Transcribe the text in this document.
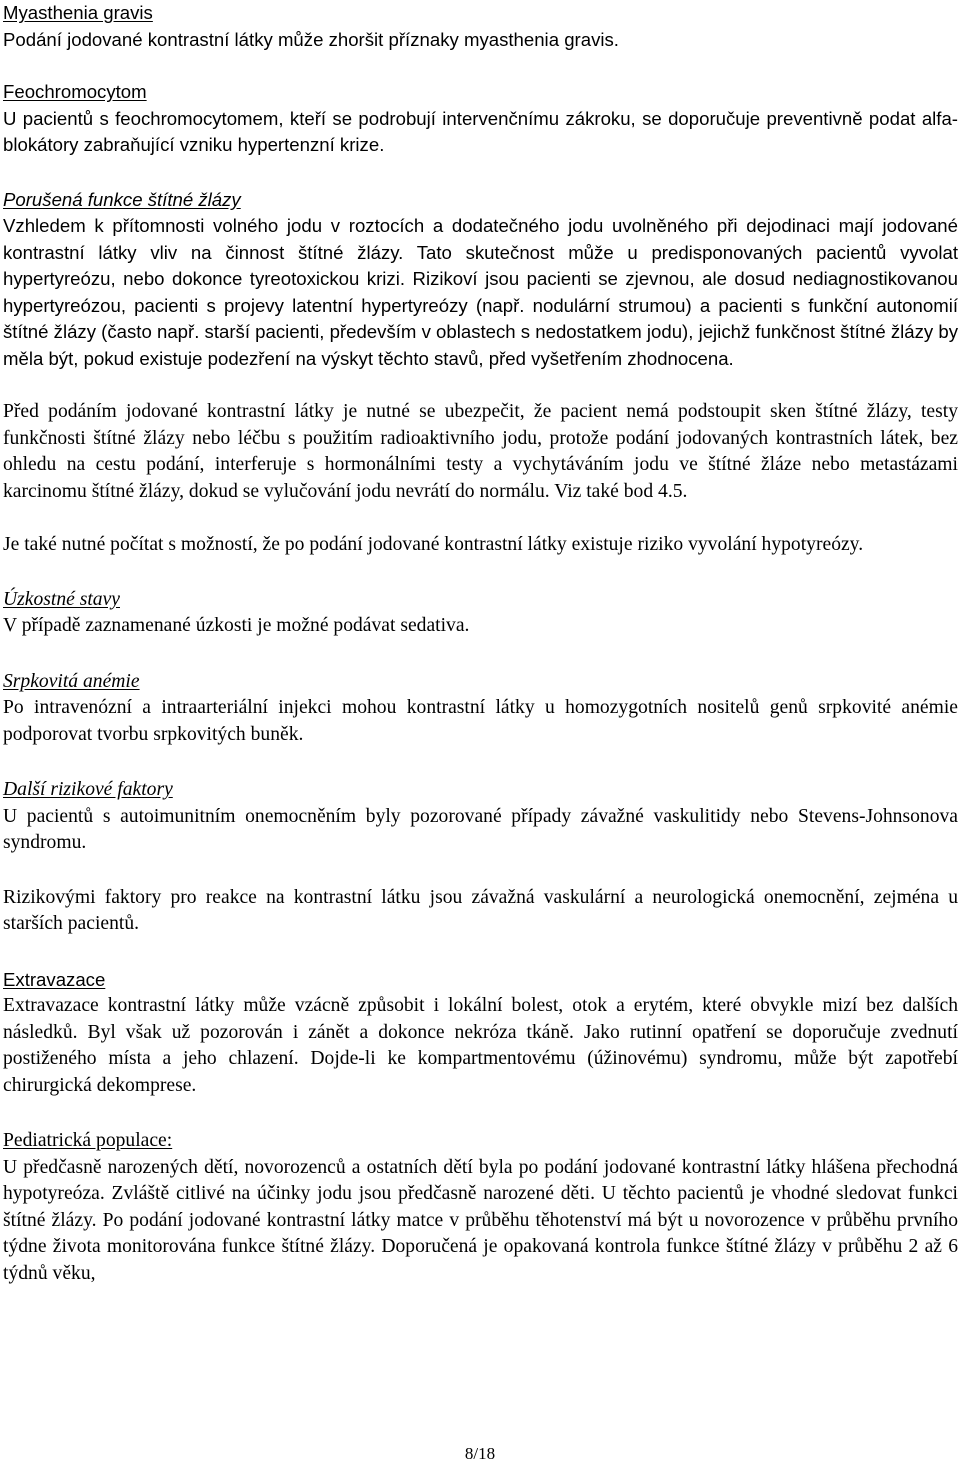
Myasthenia gravis

Podání jodované kontrastní látky může zhoršit příznaky myasthenia gravis.

Feochromocytom

U pacientů s feochromocytomem, kteří se podrobují intervenčnímu zákroku, se doporučuje preventivně podat alfa-blokátory zabraňující vzniku hypertenzní krize.

Porušená funkce štítné žlázy

Vzhledem k přítomnosti volného jodu v roztocích a dodatečného jodu uvolněného při dejodinaci mají jodované kontrastní látky vliv na činnost štítné žlázy. Tato skutečnost může u predisponovaných pacientů vyvolat hypertyreózu, nebo dokonce tyreotoxickou krizi. Rizikoví jsou pacienti se zjevnou, ale dosud nediagnostikovanou hypertyreózou, pacienti s projevy latentní hypertyreózy (např. nodulární strumou) a pacienti s funkční autonomií štítné žlázy (často např. starší pacienti, především v oblastech s nedostatkem jodu), jejichž funkčnost štítné žlázy by měla být, pokud existuje podezření na výskyt těchto stavů, před vyšetřením zhodnocena.

Před podáním jodované kontrastní látky je nutné se ubezpečit, že pacient nemá podstoupit sken štítné žlázy, testy funkčnosti štítné žlázy nebo léčbu s použitím radioaktivního jodu, protože podání jodovaných kontrastních látek, bez ohledu na cestu podání, interferuje s hormonálními testy a vychytáváním jodu ve štítné žláze nebo metastázami karcinomu štítné žlázy, dokud se vylučování jodu nevrátí do normálu. Viz také bod 4.5.

Je také nutné počítat s možností, že po podání jodované kontrastní látky existuje riziko vyvolání hypotyreózy.

Úzkostné stavy

V případě zaznamenané úzkosti je možné podávat sedativa.

Srpkovitá anémie

Po intravenózní a intraarteriální injekci mohou kontrastní látky u homozygotních nositelů genů srpkovité anémie podporovat tvorbu srpkovitých buněk.

Další rizikové faktory

U pacientů s autoimunitním onemocněním byly pozorované případy závažné vaskulitidy nebo Stevens-Johnsonova syndromu.

Rizikovými faktory pro reakce na kontrastní látku jsou závažná vaskulární a neurologická onemocnění, zejména u starších pacientů.

Extravazace

Extravazace kontrastní látky může vzácně způsobit i lokální bolest, otok a erytém, které obvykle mizí bez dalších následků. Byl však už pozorován i zánět a dokonce nekróza tkáně. Jako rutinní opatření se doporučuje zvednutí postiženého místa a jeho chlazení. Dojde-li ke kompartmentovému (úžinovému) syndromu, může být zapotřebí chirurgická dekomprese.

Pediatrická populace:

U předčasně narozených dětí, novorozenců a ostatních dětí byla po podání jodované kontrastní látky hlášena přechodná hypotyreóza. Zvláště citlivé na účinky jodu jsou předčasně narozené děti. U těchto pacientů je vhodné sledovat funkci štítné žlázy. Po podání jodované kontrastní látky matce v průběhu těhotenství má být u novorozence v průběhu prvního týdne života monitorována funkce štítné žlázy. Doporučená je opakovaná kontrola funkce štítné žlázy v průběhu 2 až 6 týdnů věku,

8/18
